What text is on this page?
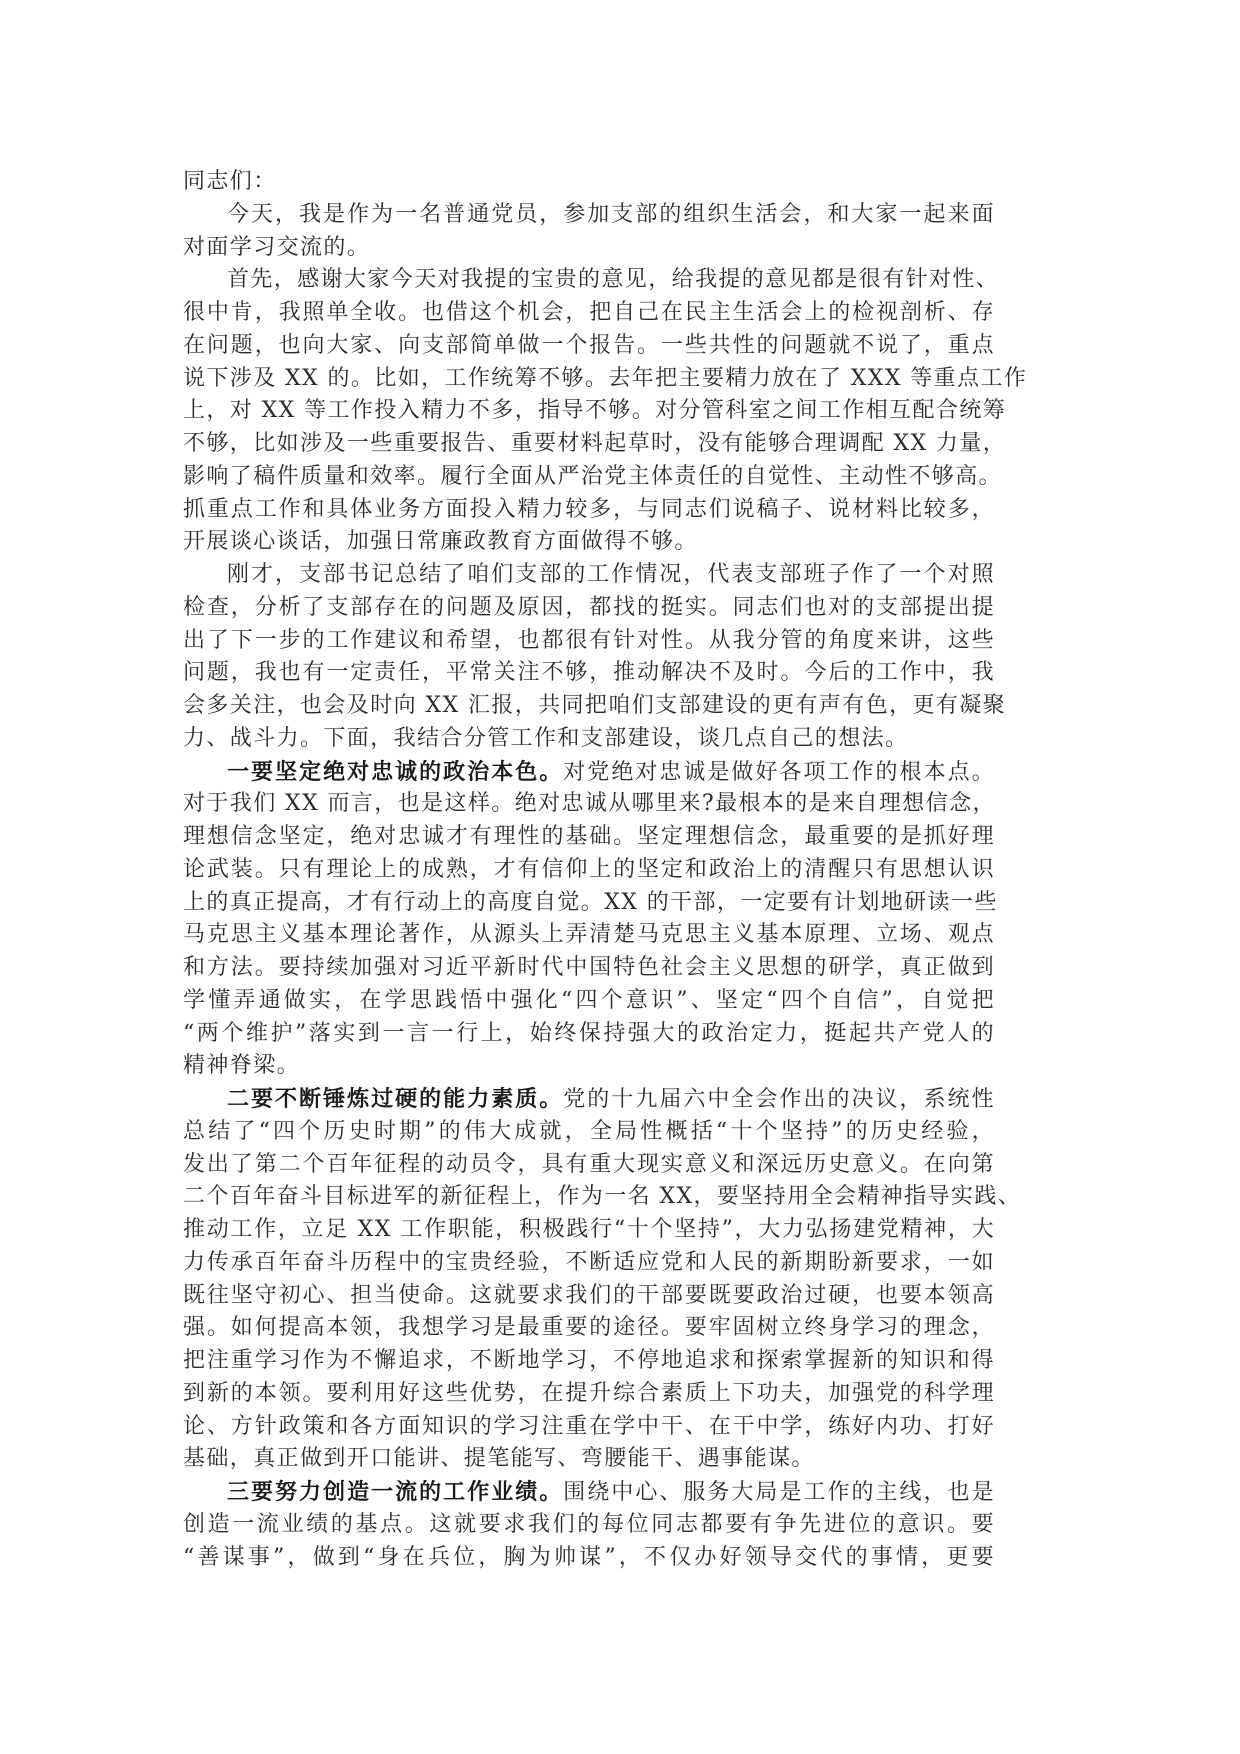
同志们：
今天，我是作为一名普通党员，参加支部的组织生活会，和大家一起来面
对面学习交流的。
首先，感谢大家今天对我提的宝贵的意见，给我提的意见都是很有针对性、
很中肯，我照单全收。也借这个机会，把自己在民主生活会上的检视剖析、存
在问题，也向大家、向支部简单做一个报告。一些共性的问题就不说了，重点
说下涉及 XX 的。比如，工作统筹不够。去年把主要精力放在了 XXX 等重点工作
上，对 XX 等工作投入精力不多，指导不够。对分管科室之间工作相互配合统筹
不够，比如涉及一些重要报告、重要材料起草时，没有能够合理调配 XX 力量，
影响了稿件质量和效率。履行全面从严治党主体责任的自觉性、主动性不够高。
抓重点工作和具体业务方面投入精力较多，与同志们说稿子、说材料比较多，
开展谈心谈话，加强日常廉政教育方面做得不够。
刚才，支部书记总结了咱们支部的工作情况，代表支部班子作了一个对照
检查，分析了支部存在的问题及原因，都找的挺实。同志们也对的支部提出提
出了下一步的工作建议和希望，也都很有针对性。从我分管的角度来讲，这些
问题，我也有一定责任，平常关注不够，推动解决不及时。今后的工作中，我
会多关注，也会及时向 XX 汇报，共同把咱们支部建设的更有声有色，更有凝聚
力、战斗力。下面，我结合分管工作和支部建设，谈几点自己的想法。
一要坚定绝对忠诚的政治本色。对党绝对忠诚是做好各项工作的根本点。
对于我们 XX 而言，也是这样。绝对忠诚从哪里来?最根本的是来自理想信念，
理想信念坚定，绝对忠诚才有理性的基础。坚定理想信念，最重要的是抓好理
论武装。只有理论上的成熟，才有信仰上的坚定和政治上的清醒只有思想认识
上的真正提高，才有行动上的高度自觉。XX 的干部，一定要有计划地研读一些
马克思主义基本理论著作，从源头上弄清楚马克思主义基本原理、立场、观点
和方法。要持续加强对习近平新时代中国特色社会主义思想的研学，真正做到
学懂弄通做实，在学思践悟中强化“四个意识”、坚定“四个自信”，自觉把
“两个维护”落实到一言一行上，始终保持强大的政治定力，挺起共产党人的
精神脊梁。
二要不断锤炼过硬的能力素质。党的十九届六中全会作出的决议，系统性
总结了“四个历史时期”的伟大成就，全局性概括“十个坚持”的历史经验，
发出了第二个百年征程的动员令，具有重大现实意义和深远历史意义。在向第
二个百年奋斗目标进军的新征程上，作为一名 XX，要坚持用全会精神指导实践、
推动工作，立足 XX 工作职能，积极践行“十个坚持”，大力弘扬建党精神，大
力传承百年奋斗历程中的宝贵经验，不断适应党和人民的新期盼新要求，一如
既往坚守初心、担当使命。这就要求我们的干部要既要政治过硬，也要本领高
强。如何提高本领，我想学习是最重要的途径。要牢固树立终身学习的理念，
把注重学习作为不懈追求，不断地学习，不停地追求和探索掌握新的知识和得
到新的本领。要利用好这些优势，在提升综合素质上下功夫，加强党的科学理
论、方针政策和各方面知识的学习注重在学中干、在干中学，练好内功、打好
基础，真正做到开口能讲、提笔能写、弯腰能干、遇事能谋。
三要努力创造一流的工作业绩。围绕中心、服务大局是工作的主线，也是
创造一流业绩的基点。这就要求我们的每位同志都要有争先进位的意识。要
“善谋事”，做到“身在兵位，胸为帅谋”，不仅办好领导交代的事情，更要
